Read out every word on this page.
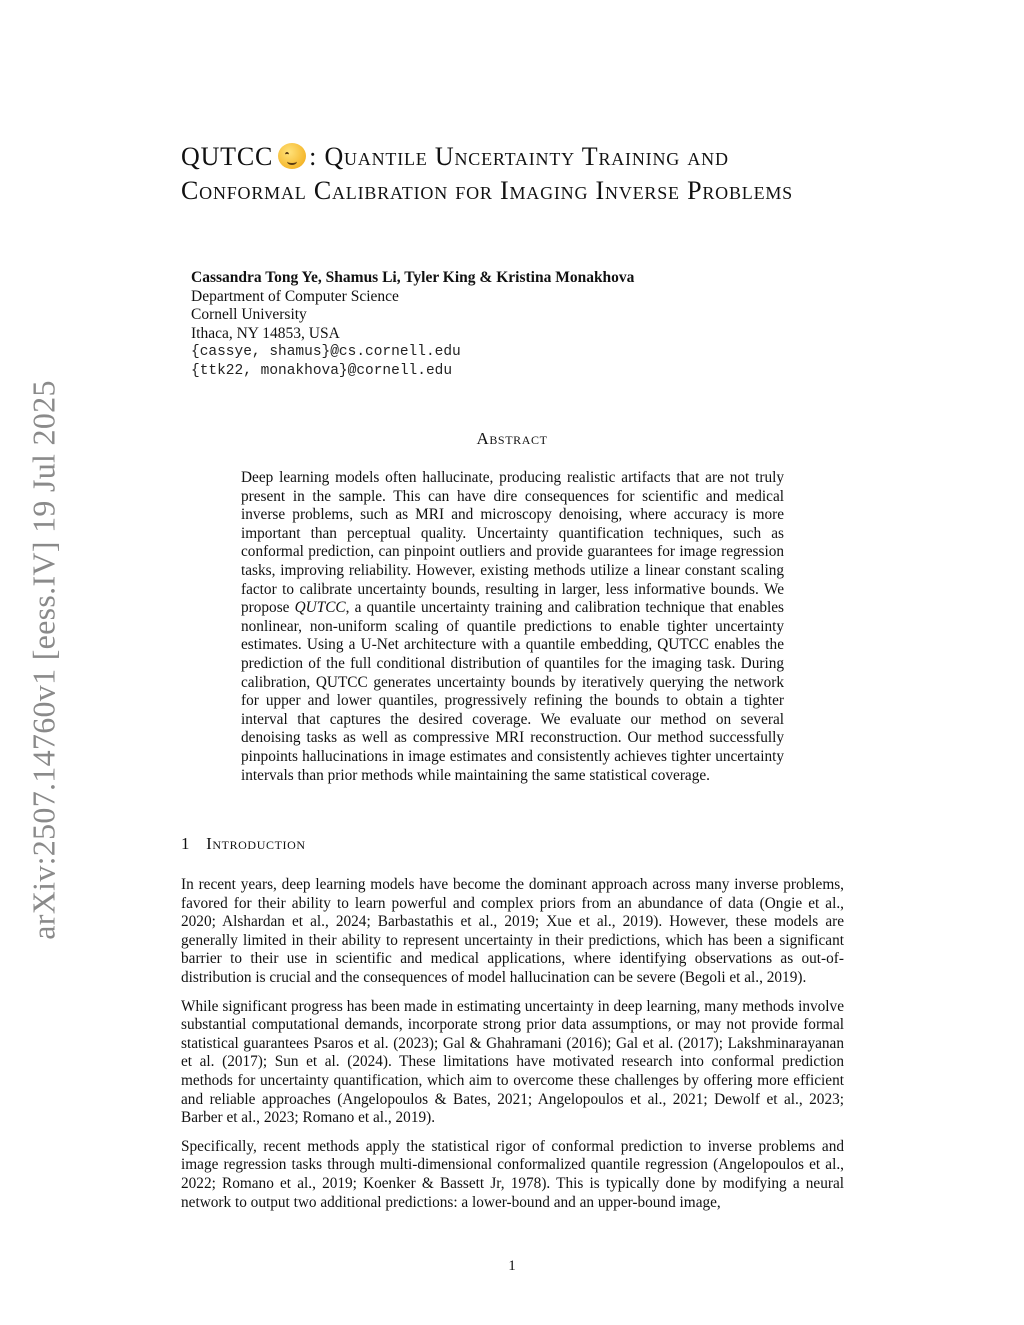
arXiv:2507.14760v1 [eess.IV] 19 Jul 2025
QUTCC : Quantile Uncertainty Training and Conformal Calibration for Imaging Inverse Problems
Cassandra Tong Ye, Shamus Li, Tyler King & Kristina Monakhova
Department of Computer Science
Cornell University
Ithaca, NY 14853, USA
{cassye, shamus}@cs.cornell.edu
{ttk22, monakhova}@cornell.edu
Abstract

Deep learning models often hallucinate, producing realistic artifacts that are not truly present in the sample. This can have dire consequences for scientific and medical inverse problems, such as MRI and microscopy denoising, where accuracy is more important than perceptual quality. Uncertainty quantification techniques, such as conformal prediction, can pinpoint outliers and provide guarantees for image regression tasks, improving reliability. However, existing methods utilize a linear constant scaling factor to calibrate uncertainty bounds, resulting in larger, less informative bounds. We propose QUTCC, a quantile uncertainty training and calibration technique that enables nonlinear, non-uniform scaling of quantile predictions to enable tighter uncertainty estimates. Using a U-Net architecture with a quantile embedding, QUTCC enables the prediction of the full conditional distribution of quantiles for the imaging task. During calibration, QUTCC generates uncertainty bounds by iteratively querying the network for upper and lower quantiles, progressively refining the bounds to obtain a tighter interval that captures the desired coverage. We evaluate our method on several denoising tasks as well as compressive MRI reconstruction. Our method successfully pinpoints hallucinations in image estimates and consistently achieves tighter uncertainty intervals than prior methods while maintaining the same statistical coverage.

1 Introduction

In recent years, deep learning models have become the dominant approach across many inverse problems, favored for their ability to learn powerful and complex priors from an abundance of data (Ongie et al., 2020; Alshardan et al., 2024; Barbastathis et al., 2019; Xue et al., 2019). However, these models are generally limited in their ability to represent uncertainty in their predictions, which has been a significant barrier to their use in scientific and medical applications, where identifying observations as out-of-distribution is crucial and the consequences of model hallucination can be severe (Begoli et al., 2019).

While significant progress has been made in estimating uncertainty in deep learning, many methods involve substantial computational demands, incorporate strong prior data assumptions, or may not provide formal statistical guarantees Psaros et al. (2023); Gal & Ghahramani (2016); Gal et al. (2017); Lakshminarayanan et al. (2017); Sun et al. (2024). These limitations have motivated research into conformal prediction methods for uncertainty quantification, which aim to overcome these challenges by offering more efficient and reliable approaches (Angelopoulos & Bates, 2021; Angelopoulos et al., 2021; Dewolf et al., 2023; Barber et al., 2023; Romano et al., 2019).

Specifically, recent methods apply the statistical rigor of conformal prediction to inverse problems and image regression tasks through multi-dimensional conformalized quantile regression (Angelopoulos et al., 2022; Romano et al., 2019; Koenker & Bassett Jr, 1978). This is typically done by modifying a neural network to output two additional predictions: a lower-bound and an upper-bound image,

1
